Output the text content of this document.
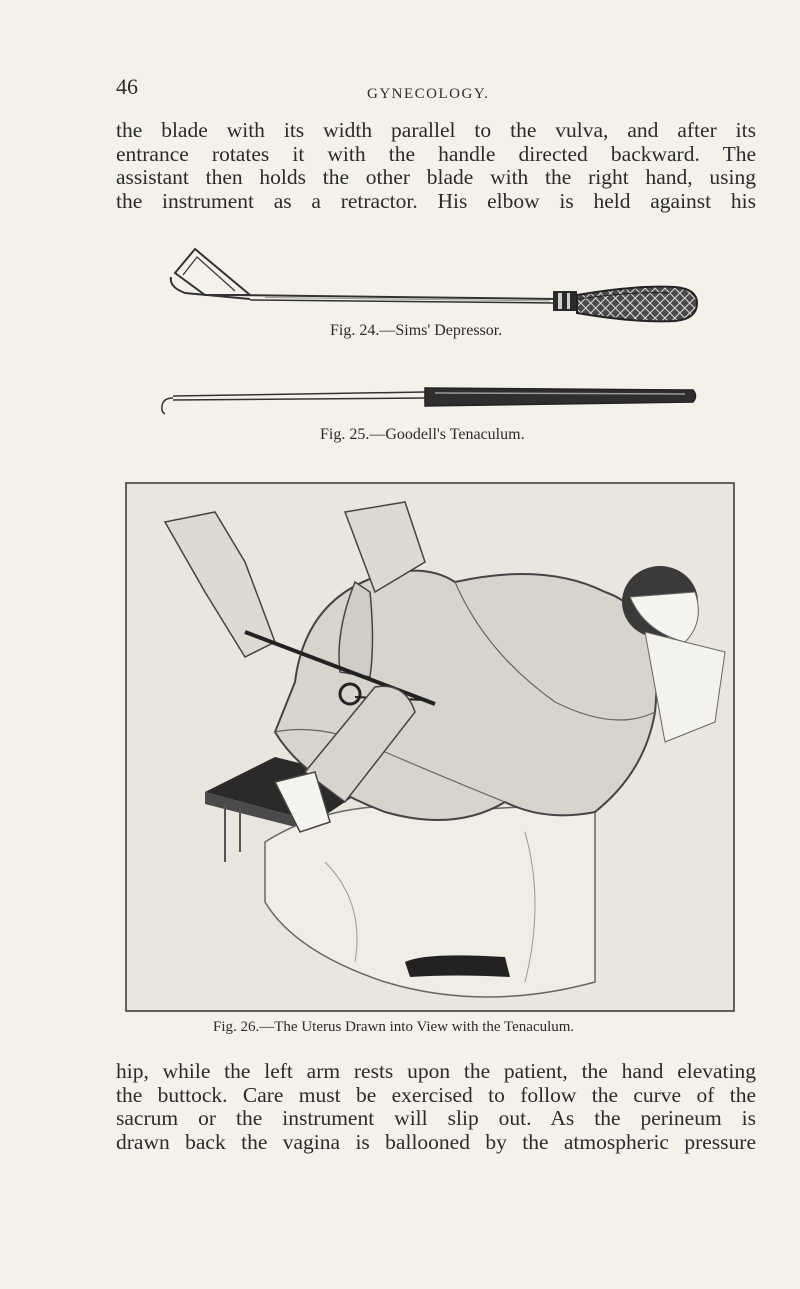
46	GYNECOLOGY.
the blade with its width parallel to the vulva, and after its
entrance rotates it with the handle directed backward. The
assistant then holds the other blade with the right hand, using
the instrument as a retractor. His elbow is held against his
Fig. 24.—Sims' Depressor.
Fig. 25.—Goodell's Tenaculum.
Fig. 26.—The Uterus Drawn into View with the Tenaculum.
hip, while the left arm rests upon the patient, the hand elevating
the buttock. Care must be exercised to follow the curve of the
sacrum or the instrument will slip out. As the perineum is
drawn back the vagina is ballooned by the atmospheric pressure
